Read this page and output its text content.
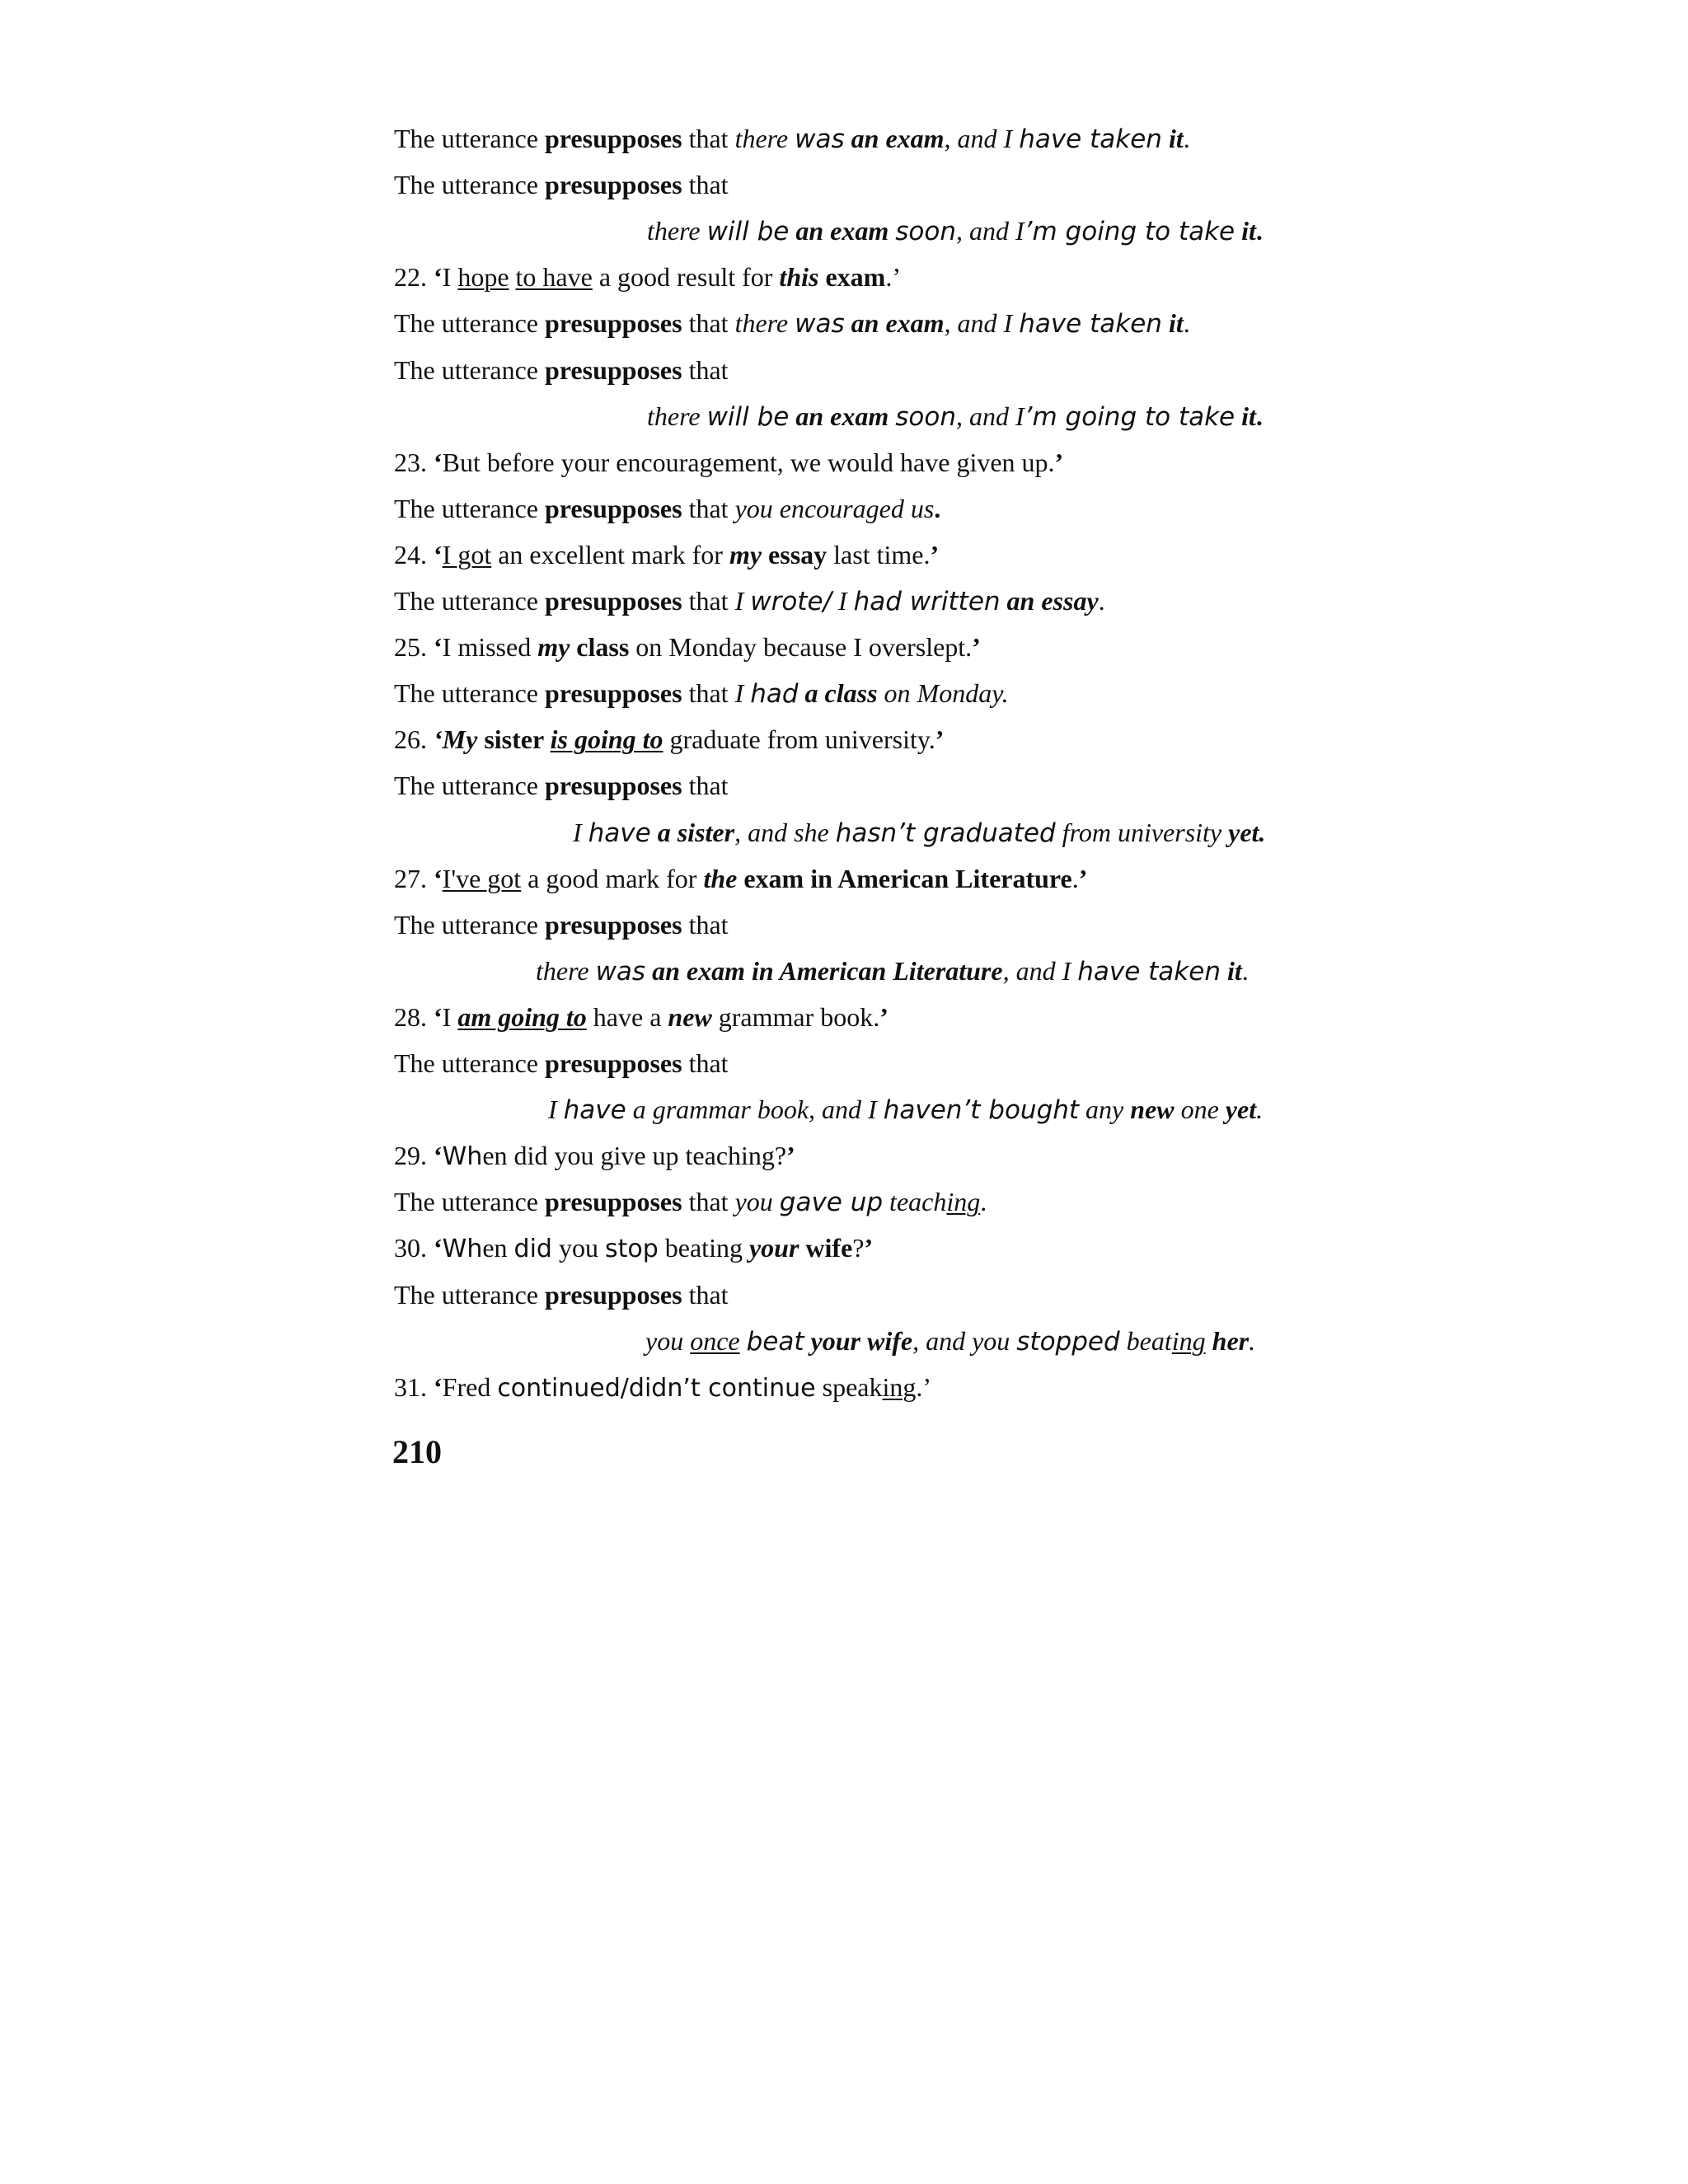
The utterance presupposes that there was an exam, and I have taken it.
The utterance presupposes that
there will be an exam soon, and I’m going to take it.
22. ‘I hope to have a good result for this exam.’
The utterance presupposes that there was an exam, and I have taken it.
The utterance presupposes that
there will be an exam soon, and I’m going to take it.
23. ‘But before your encouragement, we would have given up.’
The utterance presupposes that you encouraged us.
24. ‘I got an excellent mark for my essay last time.’
The utterance presupposes that I wrote/ I had written an essay.
25. ‘I missed my class on Monday because I overslept.’
The utterance presupposes that I had a class on Monday.
26. ‘My sister is going to graduate from university.’
The utterance presupposes that
I have a sister, and she hasn’t graduated from university yet.
27. ‘I've got a good mark for the exam in American Literature.’
The utterance presupposes that
there was an exam in American Literature, and I have taken it.
28. ‘I am going to have a new grammar book.’
The utterance presupposes that
I have a grammar book, and I haven’t bought any new one yet.
29. ‘When did you give up teaching?’
The utterance presupposes that you gave up teaching.
30. ‘When did you stop beating your wife?’
The utterance presupposes that
you once beat your wife, and you stopped beating her.
31. ‘Fred continued/didn’t continue speaking.’
210
